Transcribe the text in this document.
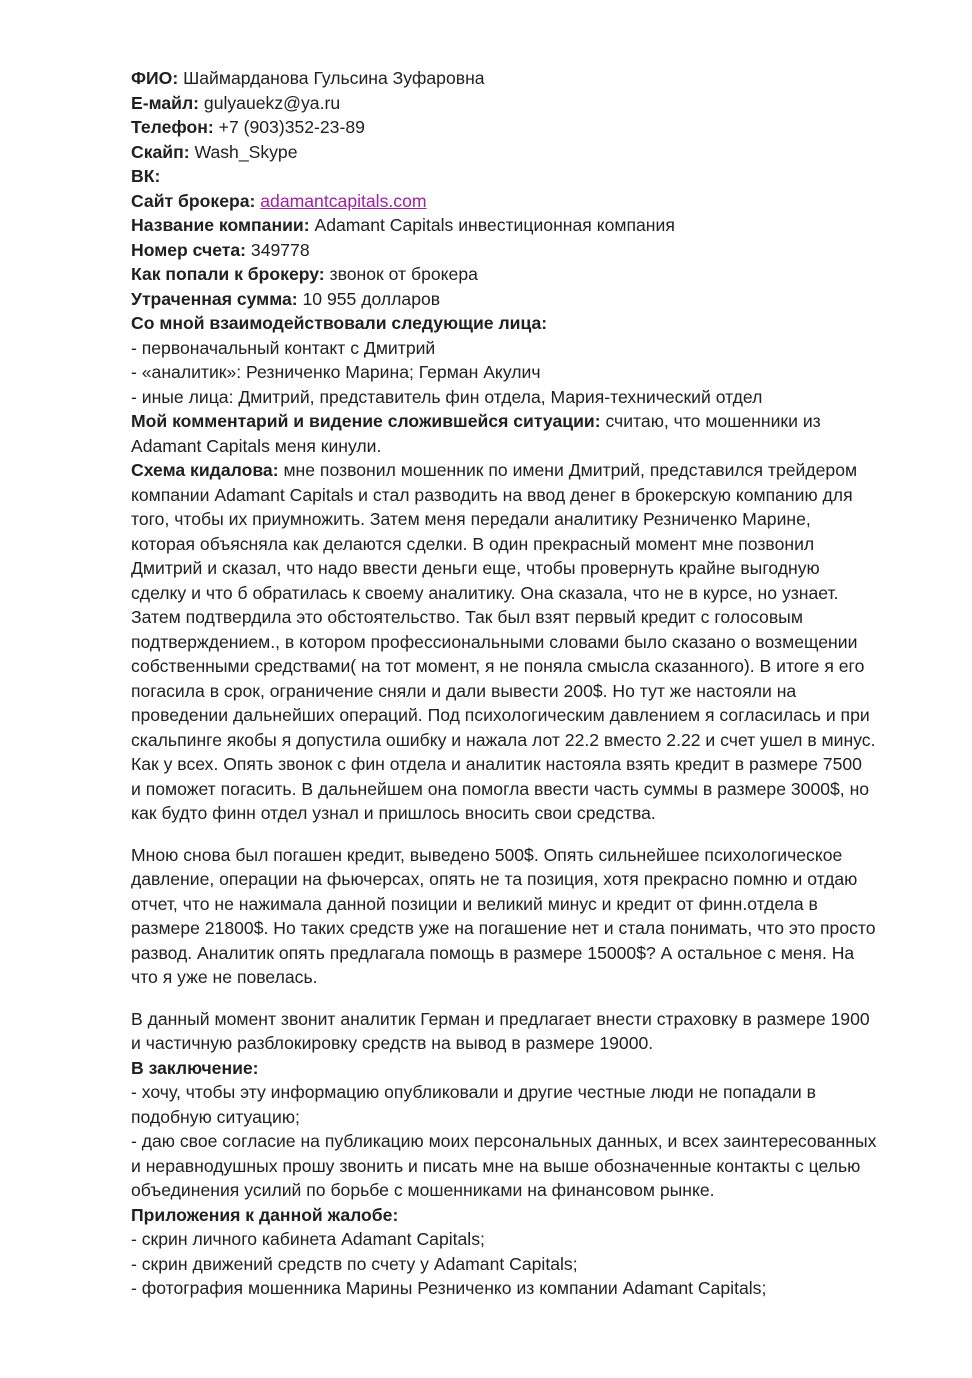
ФИО: Шаймарданова Гульсина Зуфаровна
Е-майл: gulyauekz@ya.ru
Телефон: +7 (903)352-23-89
Скайп: Wash_Skype
ВК:
Сайт брокера: adamantcapitals.com
Название компании: Adamant Capitals инвестиционная компания
Номер счета: 349778
Как попали к брокеру: звонок от брокера
Утраченная сумма: 10 955 долларов
Со мной взаимодействовали следующие лица:
- первоначальный контакт с Дмитрий
- «аналитик»: Резниченко Марина; Герман Акулич
- иные лица: Дмитрий, представитель фин отдела, Мария-технический отдел
Мой комментарий и видение сложившейся ситуации: считаю, что мошенники из
Adamant Capitals меня кинули.
Схема кидалова: мне позвонил мошенник по имени Дмитрий, представился трейдером
компании Adamant Capitals и стал разводить на ввод денег в брокерскую компанию для
того, чтобы их приумножить. Затем меня передали аналитику Резниченко Марине,
которая объясняла как делаются сделки. В один прекрасный момент мне позвонил
Дмитрий и сказал, что надо ввести деньги еще, чтобы провернуть крайне выгодную
сделку и что б обратилась к своему аналитику. Она сказала, что не в курсе, но узнает.
Затем подтвердила это обстоятельство. Так был взят первый кредит с голосовым
подтверждением., в котором профессиональными словами было сказано о возмещении
собственными средствами( на тот момент, я не поняла смысла сказанного). В итоге я его
погасила в срок, ограничение сняли и дали вывести 200$. Но тут же настояли на
проведении дальнейших операций. Под психологическим давлением я согласилась и при
скальпинге якобы я допустила ошибку и нажала лот 22.2 вместо 2.22 и счет ушел в минус.
Как у всех. Опять звонок с фин отдела и аналитик настояла взять кредит в размере 7500
и поможет погасить. В дальнейшем она помогла ввести часть суммы в размере 3000$, но
как будто финн отдел узнал и пришлось вносить свои средства.
Мною снова был погашен кредит, выведено 500$. Опять сильнейшее психологическое
давление, операции на фьючерсах, опять не та позиция, хотя прекрасно помню и отдаю
отчет, что не нажимала данной позиции и великий минус и кредит от финн.отдела в
размере 21800$. Но таких средств уже на погашение нет и стала понимать, что это просто
развод. Аналитик опять предлагала помощь в размере 15000$? А остальное с меня. На
что я уже не повелась.
В данный момент звонит аналитик Герман и предлагает внести страховку в размере 1900
и частичную разблокировку средств на вывод в размере 19000.
В заключение:
- хочу, чтобы эту информацию опубликовали и другие честные люди не попадали в
подобную ситуацию;
- даю свое согласие на публикацию моих персональных данных, и всех заинтересованных
и неравнодушных прошу звонить и писать мне на выше обозначенные контакты с целью
объединения усилий по борьбе с мошенниками на финансовом рынке.
Приложения к данной жалобе:
- скрин личного кабинета Adamant Capitals;
- скрин движений средств по счету у Adamant Capitals;
- фотография мошенника Марины Резниченко из компании Adamant Capitals;
